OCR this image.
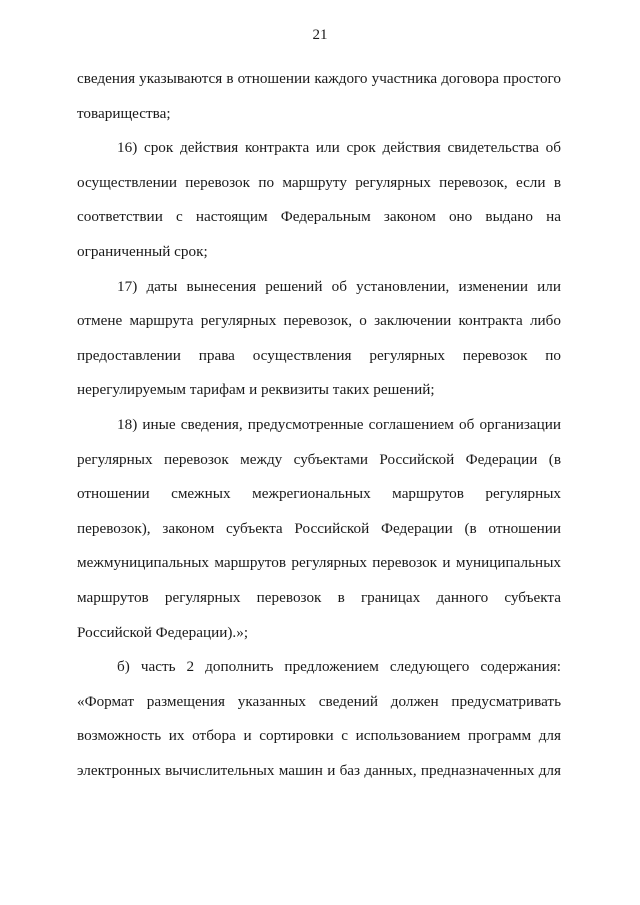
21

сведения указываются в отношении каждого участника договора простого товарищества;

16) срок действия контракта или срок действия свидетельства об осуществлении перевозок по маршруту регулярных перевозок, если в соответствии с настоящим Федеральным законом оно выдано на ограниченный срок;

17) даты вынесения решений об установлении, изменении или отмене маршрута регулярных перевозок, о заключении контракта либо предоставлении права осуществления регулярных перевозок по нерегулируемым тарифам и реквизиты таких решений;

18) иные сведения, предусмотренные соглашением об организации регулярных перевозок между субъектами Российской Федерации (в отношении смежных межрегиональных маршрутов регулярных перевозок), законом субъекта Российской Федерации (в отношении межмуниципальных маршрутов регулярных перевозок и муниципальных маршрутов регулярных перевозок в границах данного субъекта Российской Федерации).»;

б) часть 2 дополнить предложением следующего содержания: «Формат размещения указанных сведений должен предусматривать возможность их отбора и сортировки с использованием программ для электронных вычислительных машин и баз данных, предназначенных для
